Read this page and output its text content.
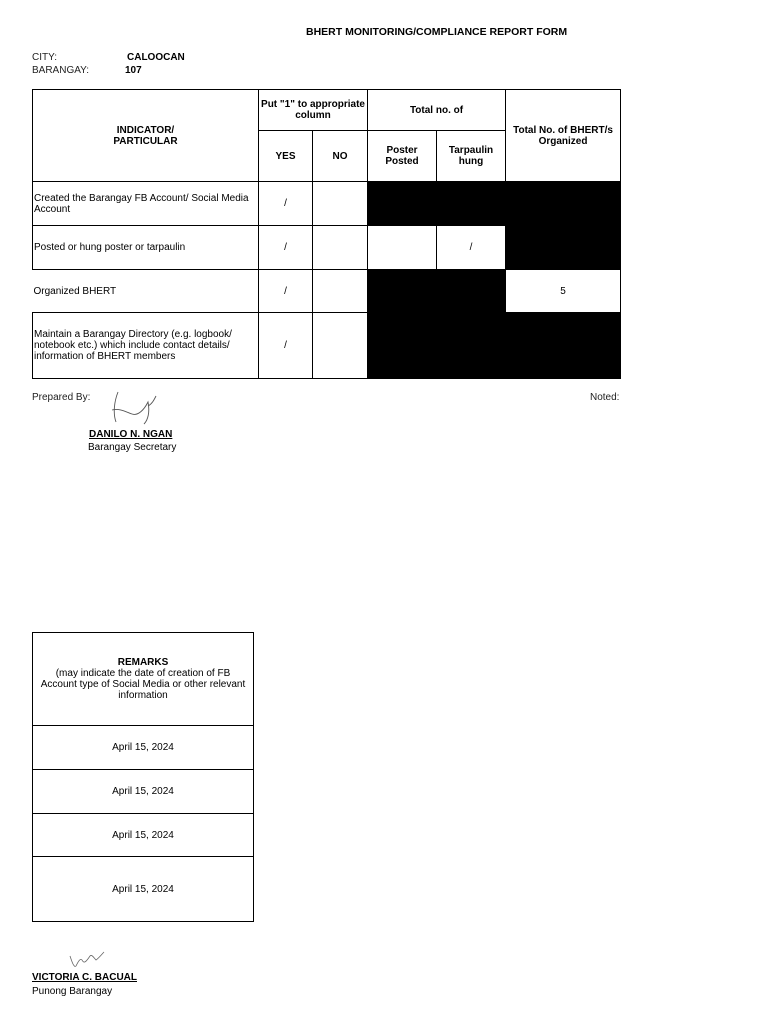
BHERT MONITORING/COMPLIANCE REPORT FORM
CITY:	CALOOCAN
BARANGAY:	107
INDICATOR/
PARTICULAR	Put "1" to appropriate column		Total no. of		Total No. of BHERT/s Organized
	YES	NO	Poster Posted	Tarpaulin hung	
Created the Barangay FB Account/ Social Media Account	/				
Posted or hung poster or tarpaulin	/			/	
Organized BHERT	/				5
Maintain a Barangay Directory (e.g. logbook/ notebook etc.) which include contact details/ information of BHERT members	/				
Prepared By:	Noted:
DANILO N. NGAN
Barangay Secretary
REMARKS
(may indicate the date of creation of FB Account type of Social Media or other relevant information

April 15, 2024
April 15, 2024
April 15, 2024
April 15, 2024
VICTORIA C. BACUAL
Punong Barangay
